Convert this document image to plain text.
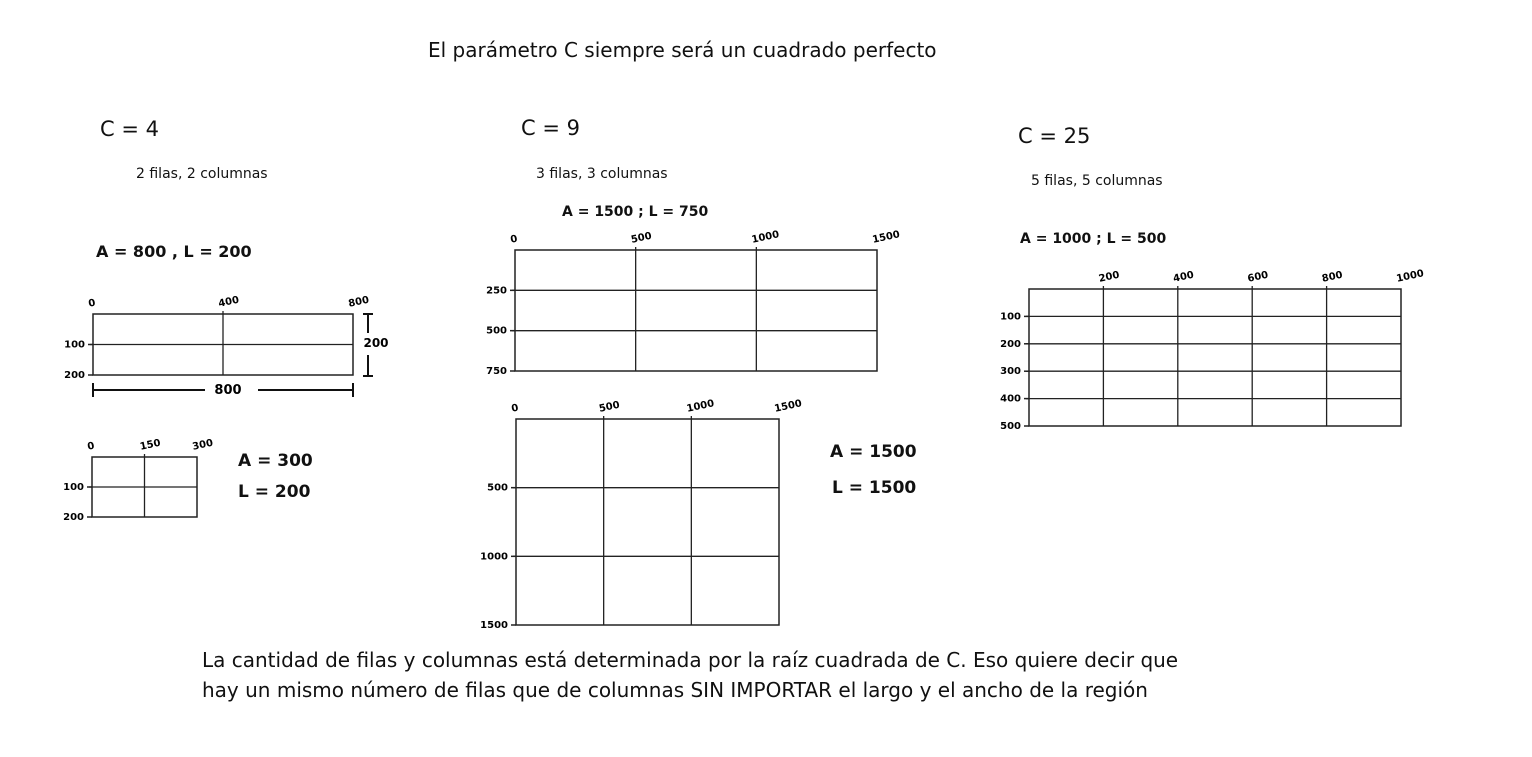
0	400	800
100
200
800
200
0	150	300
100
200
0	500	1000	1500
250
500
750
0	500	1000	1500
500
1000
1500
200	400	600	800	1000
100
200
300
400
500
El parámetro C siempre será un cuadrado perfecto
C = 4
2 filas, 2 columnas
C = 9
3 filas, 3 columnas
C = 25
5 filas, 5 columnas
A = 800 , L = 200
A = 300
L = 200
A = 1500 ; L = 750
A = 1500
L = 1500
A = 1000 ; L = 500
La cantidad de filas y columnas está determinada por la raíz cuadrada de C. Eso quiere decir que
hay un mismo número de filas que de columnas SIN IMPORTAR el largo y el ancho de la región
